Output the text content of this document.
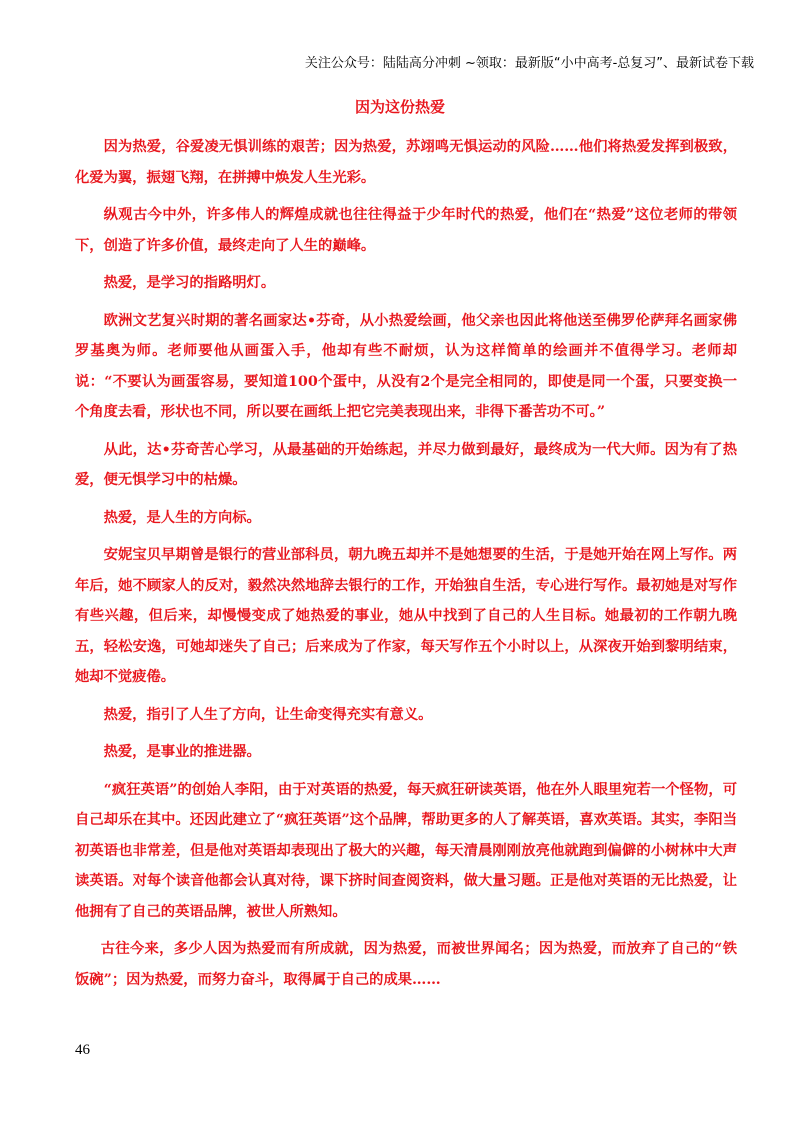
关注公众号：陆陆高分冲刺 ~领取：最新版“小中高考-总复习”、最新试卷下载
因为这份热爱

因为热爱，谷爱凌无惧训练的艰苦；因为热爱，苏翊鸣无惧运动的风险……他们将热爱发挥到极致，化爱为翼，振翅飞翔，在拼搏中焕发人生光彩。

纵观古今中外，许多伟人的辉煌成就也往往得益于少年时代的热爱，他们在“热爱”这位老师的带领下，创造了许多价值，最终走向了人生的巅峰。

热爱，是学习的指路明灯。

欧洲文艺复兴时期的著名画家达•芬奇，从小热爱绘画，他父亲也因此将他送至佛罗伦萨拜名画家佛罗基奥为师。老师要他从画蛋入手，他却有些不耐烦，认为这样简单的绘画并不值得学习。老师却说：“不要认为画蛋容易，要知道100个蛋中，从没有2个是完全相同的，即使是同一个蛋，只要变换一个角度去看，形状也不同，所以要在画纸上把它完美表现出来，非得下番苦功不可。”

从此，达•芬奇苦心学习，从最基础的开始练起，并尽力做到最好，最终成为一代大师。因为有了热爱，便无惧学习中的枯燥。

热爱，是人生的方向标。

安妮宝贝早期曾是银行的营业部科员，朝九晚五却并不是她想要的生活，于是她开始在网上写作。两年后，她不顾家人的反对，毅然决然地辞去银行的工作，开始独自生活，专心进行写作。最初她是对写作有些兴趣，但后来，却慢慢变成了她热爱的事业，她从中找到了自己的人生目标。她最初的工作朝九晚五，轻松安逸，可她却迷失了自己；后来成为了作家，每天写作五个小时以上，从深夜开始到黎明结束，她却不觉疲倦。

热爱，指引了人生了方向，让生命变得充实有意义。

热爱，是事业的推进器。

“疯狂英语”的创始人李阳，由于对英语的热爱，每天疯狂研读英语，他在外人眼里宛若一个怪物，可自己却乐在其中。还因此建立了“疯狂英语”这个品牌，帮助更多的人了解英语，喜欢英语。其实，李阳当初英语也非常差，但是他对英语却表现出了极大的兴趣，每天清晨刚刚放亮他就跑到偏僻的小树林中大声读英语。对每个读音他都会认真对待，课下挤时间查阅资料，做大量习题。正是他对英语的无比热爱，让他拥有了自己的英语品牌，被世人所熟知。

古往今来，多少人因为热爱而有所成就，因为热爱，而被世界闻名；因为热爱，而放弃了自己的“铁饭碗”；因为热爱，而努力奋斗，取得属于自己的成果……

46
